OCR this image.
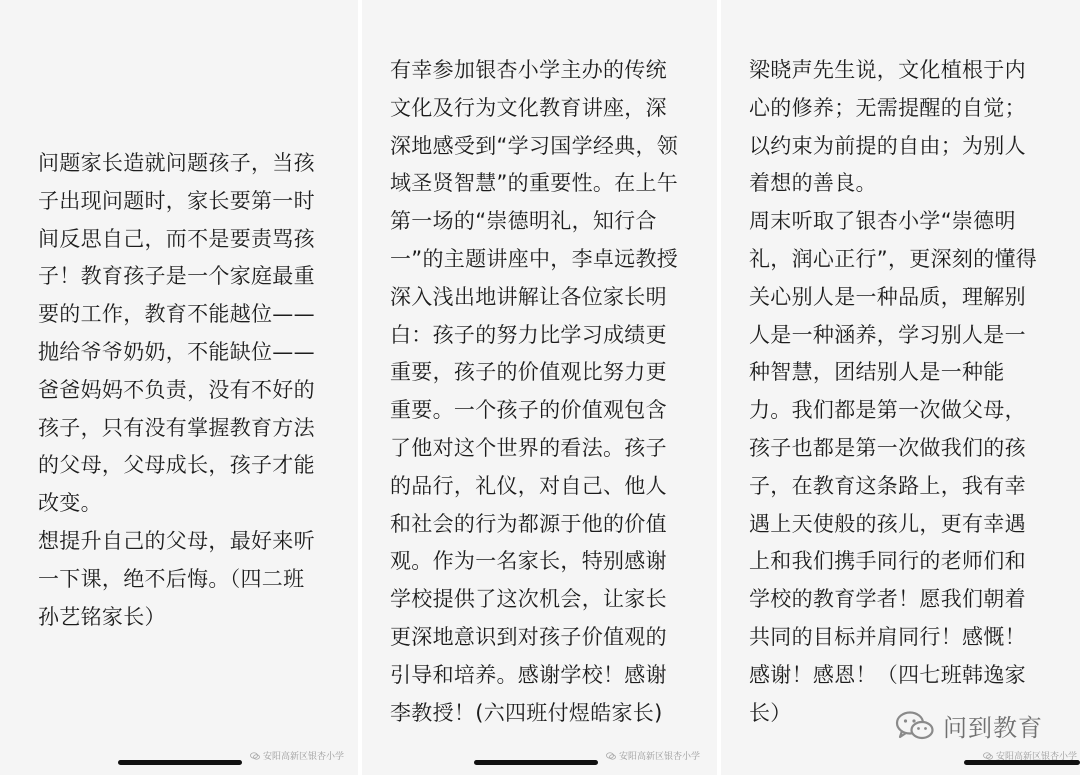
问题家长造就问题孩子，当孩
子出现问题时，家长要第一时
间反思自己，而不是要责骂孩
子！教育孩子是一个家庭最重
要的工作，教育不能越位——
抛给爷爷奶奶，不能缺位——
爸爸妈妈不负责，没有不好的
孩子，只有没有掌握教育方法
的父母，父母成长，孩子才能
改变。
想提升自己的父母，最好来听
一下课，绝不后悔。（四二班
孙艺铭家长）
安阳高新区银杏小学
有幸参加银杏小学主办的传统
文化及行为文化教育讲座，深
深地感受到“学习国学经典，领
域圣贤智慧”的重要性。在上午
第一场的“崇德明礼，知行合
一”的主题讲座中，李卓远教授
深入浅出地讲解让各位家长明
白：孩子的努力比学习成绩更
重要，孩子的价值观比努力更
重要。一个孩子的价值观包含
了他对这个世界的看法。孩子
的品行，礼仪，对自己、他人
和社会的行为都源于他的价值
观。作为一名家长，特别感谢
学校提供了这次机会，让家长
更深地意识到对孩子价值观的
引导和培养。感谢学校！感谢
李教授！(六四班付煜皓家长)
安阳高新区银杏小学
梁晓声先生说，文化植根于内
心的修养；无需提醒的自觉；
以约束为前提的自由；为别人
着想的善良。
周末听取了银杏小学“崇德明
礼，润心正行”，更深刻的懂得
关心别人是一种品质，理解别
人是一种涵养，学习别人是一
种智慧，团结别人是一种能
力。我们都是第一次做父母，
孩子也都是第一次做我们的孩
子，在教育这条路上，我有幸
遇上天使般的孩儿，更有幸遇
上和我们携手同行的老师们和
学校的教育学者！愿我们朝着
共同的目标并肩同行！感慨！
感谢！感恩！（四七班韩逸家
长）
安阳高新区银杏小学
问到教育
